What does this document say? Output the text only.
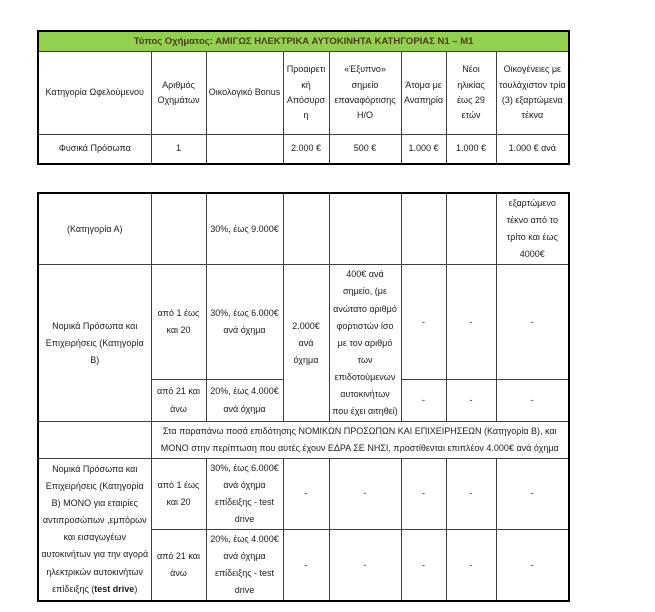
Τύπος Οχήματος: ΑΜΙΓΩΣ ΗΛΕΚΤΡΙΚΑ ΑΥΤΟΚΙΝΗΤΑ ΚΑΤΗΓΟΡΙΑΣ Ν1 – Μ1							
Κατηγορία Ωφελούμενου	Αριθμός Οχημάτων	Οικολογικό Bonus	Προαιρετι κή Απόσυρση	«Έξυπνο» σημείο επαναφόρτισης Η/Ο	Άτομα με Αναπηρία	Νέοι ηλικίας έως 29 ετών	Οικογένειες με τουλάχιστον τρία (3) εξαρτώμενα τέκνα
Φυσικά Πρόσωπα	1		2.000 €	500 €	1.000 €	1.000 €	1.000 € ανά
(Κατηγορία Α)		30%, έως 9.000€					εξαρτώμενο τέκνο από το τρίτο και έως 4000€
Νομικά Πρόσωπα και Επιχειρήσεις (Κατηγορία Β)	από 1 έως και 20	30%, έως 6.000€ ανά όχημα	2.000€ ανά όχημα	400€ ανά σημείο, (με ανώτατο αριθμό φορτιστών ίσο με τον αριθμό των επιδοτούμενων αυτοκινήτων που έχει αιτηθεί)	-	-	-
	από 21 και άνω	20%, έως 4.000€ ανά όχημα			-	-	-
	Στα παραπάνω ποσά επιδότησης ΝΟΜΙΚΩΝ ΠΡΟΣΩΠΩΝ ΚΑΙ ΕΠΙΧΕΙΡΗΣΕΩΝ (Κατηγορία Β), και ΜΟΝΟ στην περίπτωση που αυτές έχουν ΕΔΡΑ ΣΕ ΝΗΣΙ, προστίθενται επιπλέον 4.000€ ανά όχημα						
Νομικά Πρόσωπα και Επιχειρήσεις (Κατηγορία Β) ΜΟΝΟ για εταιρίες αντιπροσώπων ,εμπόρων και εισαγωγέων αυτοκινήτων για την αγορά ηλεκτρικών αυτοκινήτων επίδειξης (test drive)	από 1 έως και 20	30%, έως 6.000€ ανά όχημα επίδειξης - test drive	-	-	-	-	-
	από 21 και άνω	20%, έως 4.000€ ανά όχημα επίδειξης - test drive	-	-	-	-	-
